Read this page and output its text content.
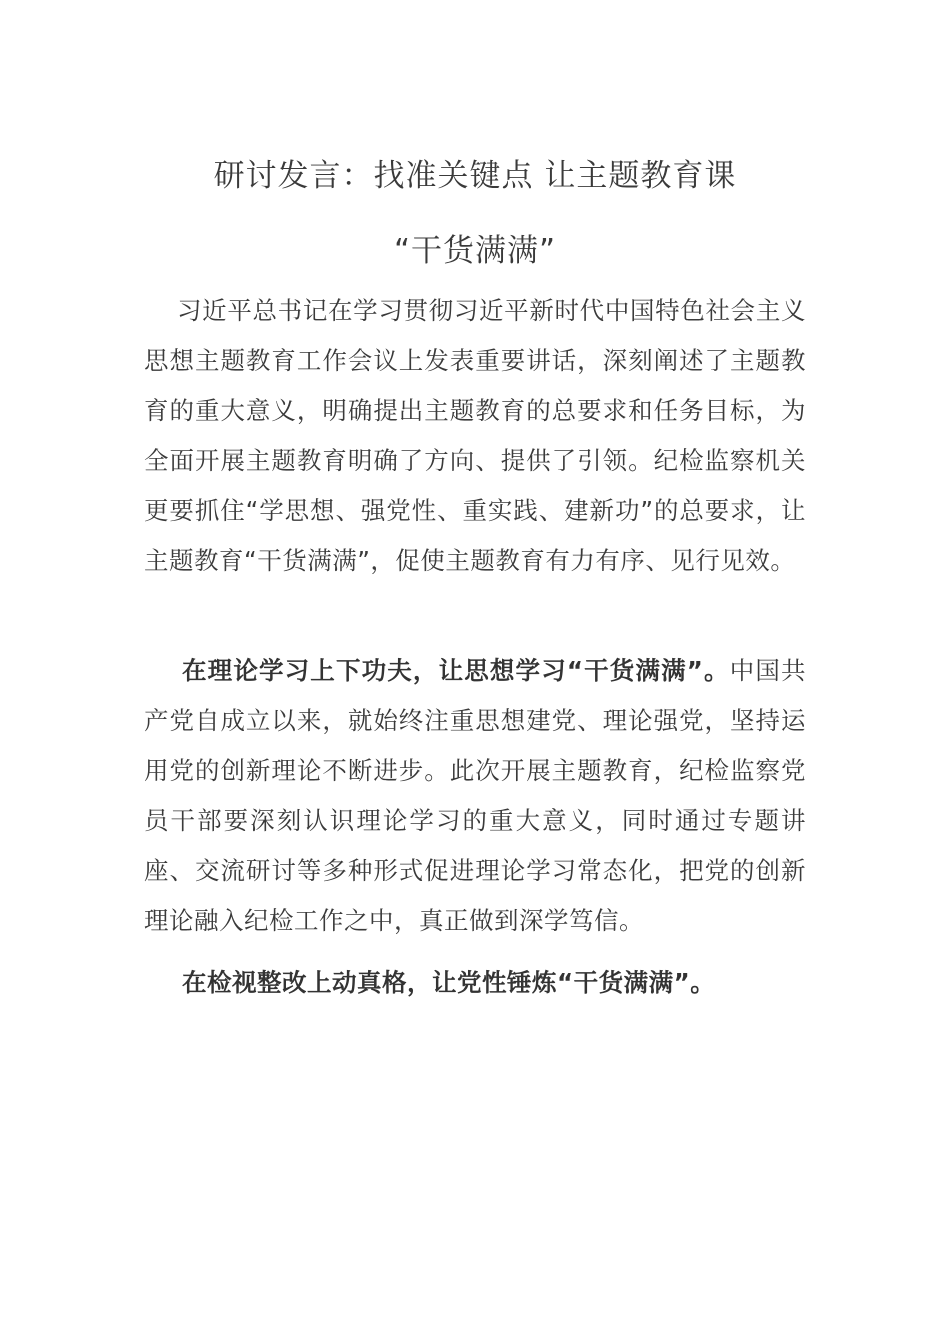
研讨发言：找准关键点 让主题教育课
“干货满满”

习近平总书记在学习贯彻习近平新时代中国特色社会主义思想主题教育工作会议上发表重要讲话，深刻阐述了主题教育的重大意义，明确提出主题教育的总要求和任务目标，为全面开展主题教育明确了方向、提供了引领。纪检监察机关更要抓住“学思想、强党性、重实践、建新功”的总要求，让主题教育“干货满满”，促使主题教育有力有序、见行见效。

在理论学习上下功夫，让思想学习“干货满满”。中国共产党自成立以来，就始终注重思想建党、理论强党，坚持运用党的创新理论不断进步。此次开展主题教育，纪检监察党员干部要深刻认识理论学习的重大意义，同时通过专题讲座、交流研讨等多种形式促进理论学习常态化，把党的创新理论融入纪检工作之中，真正做到深学笃信。

在检视整改上动真格，让党性锤炼“干货满满”。
